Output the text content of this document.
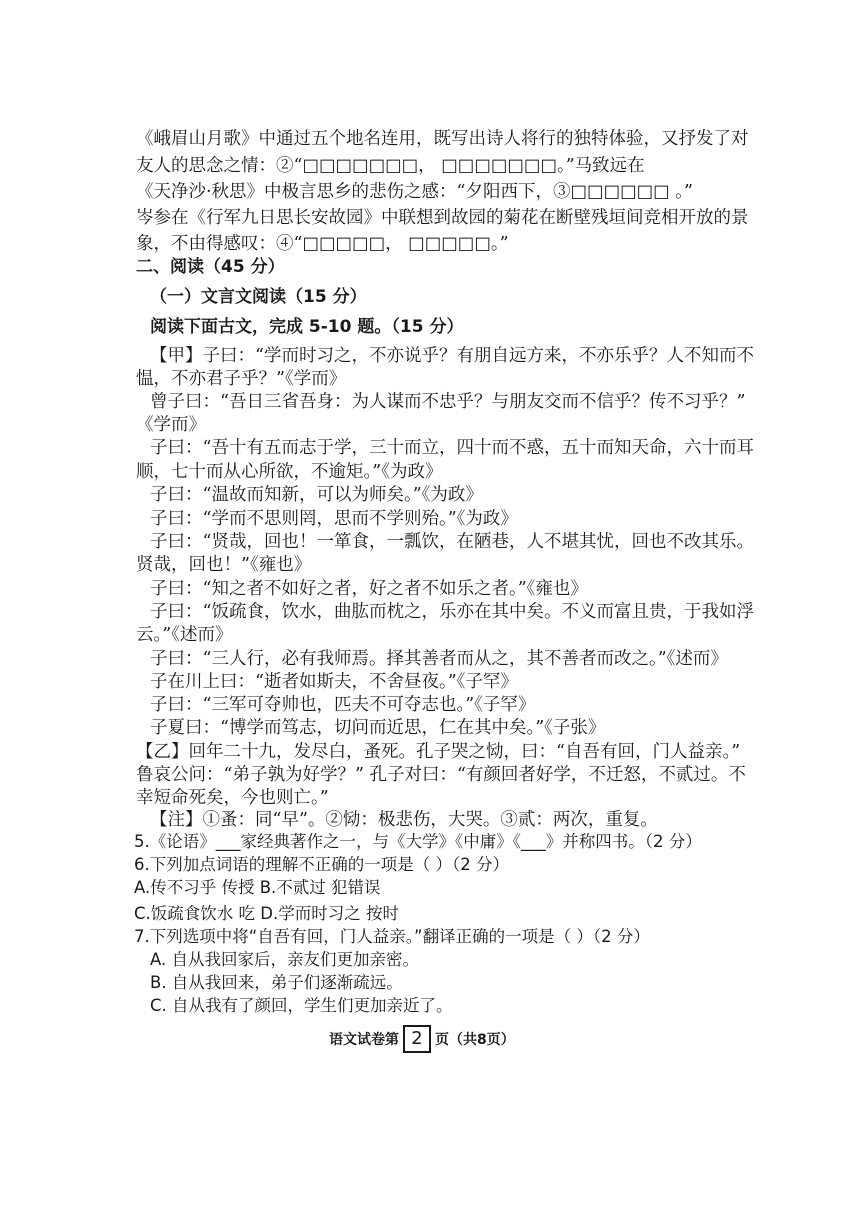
《峨眉山月歌》中通过五个地名连用，既写出诗人将行的独特体验，又抒发了对
友人的思念之情：②“□□□□□□□， □□□□□□□。”马致远在
《天净沙·秋思》中极言思乡的悲伤之感：“夕阳西下，③□□□□□□ 。”
岑参在《行军九日思长安故园》中联想到故园的菊花在断壁残垣间竞相开放的景
象，不由得感叹：④“□□□□□， □□□□□。”
二、阅读（45 分）
（一）文言文阅读（15 分）
阅读下面古文，完成 5-10 题。（15 分）
【甲】子曰：“学而时习之，不亦说乎？有朋自远方来，不亦乐乎？人不知而不
愠，不亦君子乎？”《学而》
曾子曰：“吾日三省吾身：为人谋而不忠乎？与朋友交而不信乎？传不习乎？”
《学而》
子曰：“吾十有五而志于学，三十而立，四十而不惑，五十而知天命，六十而耳
顺，七十而从心所欲，不逾矩。”《为政》
子曰：“温故而知新，可以为师矣。”《为政》
子曰：“学而不思则罔，思而不学则殆。”《为政》
子曰：“贤哉，回也！一箪食，一瓢饮，在陋巷，人不堪其忧，回也不改其乐。
贤哉，回也！”《雍也》
子曰：“知之者不如好之者，好之者不如乐之者。”《雍也》
子曰：“饭疏食，饮水，曲肱而枕之，乐亦在其中矣。不义而富且贵，于我如浮
云。”《述而》
子曰：“三人行，必有我师焉。择其善者而从之，其不善者而改之。”《述而》
子在川上曰：“逝者如斯夫，不舍昼夜。”《子罕》
子曰：“三军可夺帅也，匹夫不可夺志也。”《子罕》
子夏曰：“博学而笃志，切问而近思，仁在其中矣。”《子张》
【乙】回年二十九，发尽白，蚤死。孔子哭之恸，曰：“自吾有回，门人益亲。”
鲁哀公问：“弟子孰为好学？” 孔子对曰：“有颜回者好学，不迁怒，不贰过。不
幸短命死矣，今也则亡。”
【注】①蚤：同“早”。②恸：极悲伤，大哭。③贰：两次，重复。
5.《论语》___家经典著作之一，与《大学》《中庸》《___》并称四书。（2 分）
6.下列加点词语的理解不正确的一项是（ ）（2 分）
A.传不习乎 传授 B.不贰过 犯错误
C.饭疏食饮水 吃 D.学而时习之 按时
7.下列选项中将“自吾有回，门人益亲。”翻译正确的一项是（ ）（2 分）
A. 自从我回家后，亲友们更加亲密。
B. 自从我回来，弟子们逐渐疏远。
C. 自从我有了颜回，学生们更加亲近了。
语文试卷第 2 页（共8页）
